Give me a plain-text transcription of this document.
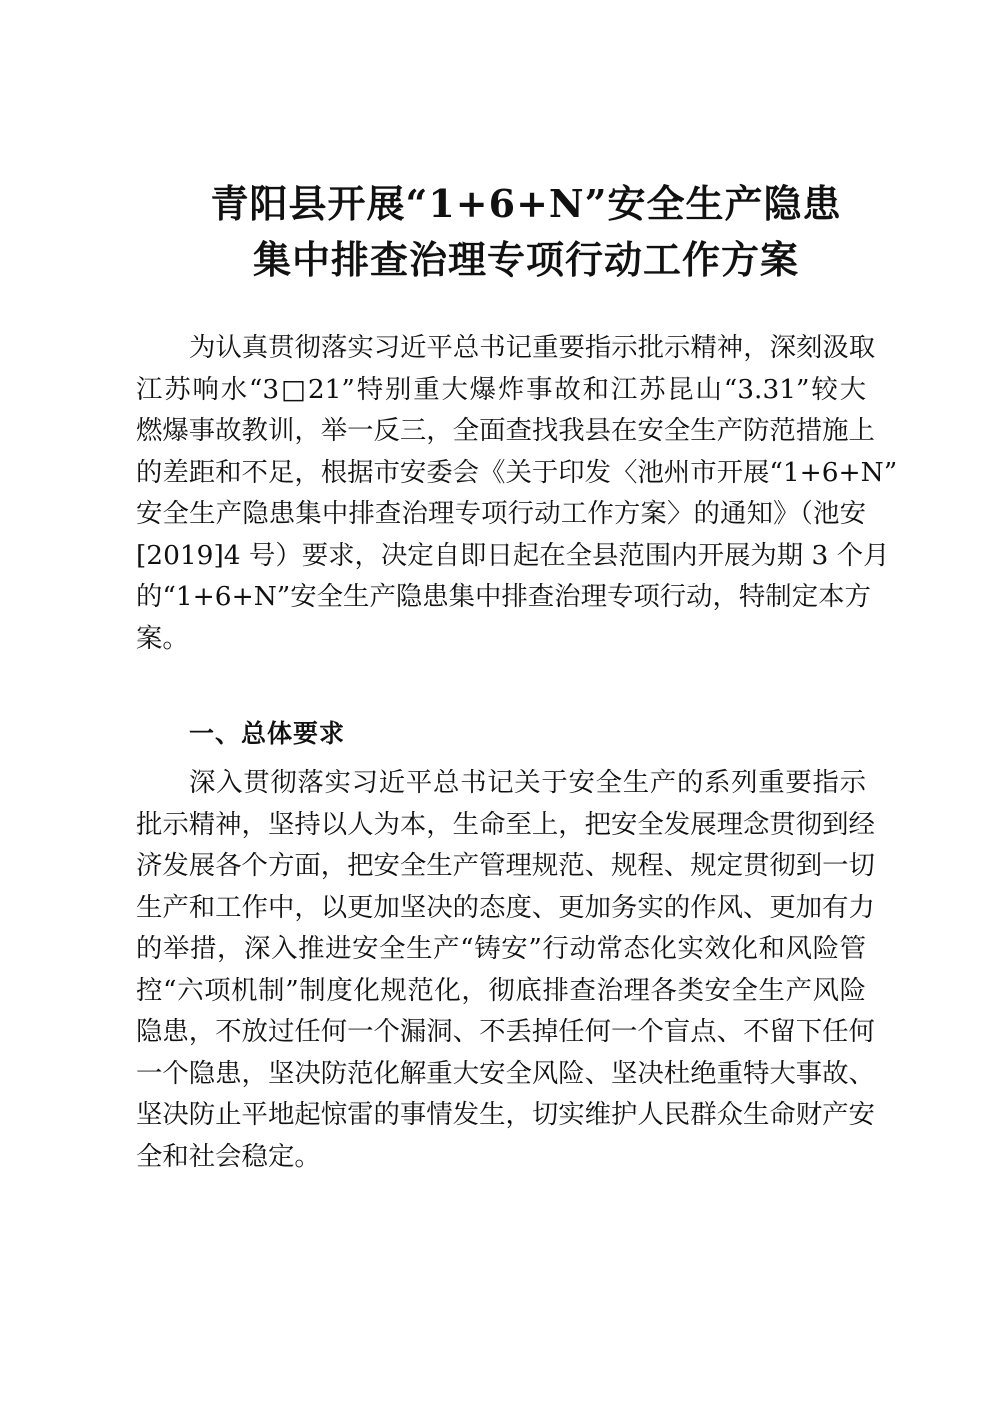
青阳县开展“1+6+N”安全生产隐患
集中排查治理专项行动工作方案
为认真贯彻落实习近平总书记重要指示批示精神，深刻汲取
江苏响水“3□21”特别重大爆炸事故和江苏昆山“3.31”较大
燃爆事故教训，举一反三，全面查找我县在安全生产防范措施上
的差距和不足，根据市安委会《关于印发〈池州市开展“1+6+N”
安全生产隐患集中排查治理专项行动工作方案〉的通知》（池安
[2019]4 号）要求，决定自即日起在全县范围内开展为期 3 个月
的“1+6+N”安全生产隐患集中排查治理专项行动，特制定本方
案。
一、总体要求
深入贯彻落实习近平总书记关于安全生产的系列重要指示
批示精神，坚持以人为本，生命至上，把安全发展理念贯彻到经
济发展各个方面，把安全生产管理规范、规程、规定贯彻到一切
生产和工作中，以更加坚决的态度、更加务实的作风、更加有力
的举措，深入推进安全生产“铸安”行动常态化实效化和风险管
控“六项机制”制度化规范化，彻底排查治理各类安全生产风险
隐患，不放过任何一个漏洞、不丢掉任何一个盲点、不留下任何
一个隐患，坚决防范化解重大安全风险、坚决杜绝重特大事故、
坚决防止平地起惊雷的事情发生，切实维护人民群众生命财产安
全和社会稳定。
